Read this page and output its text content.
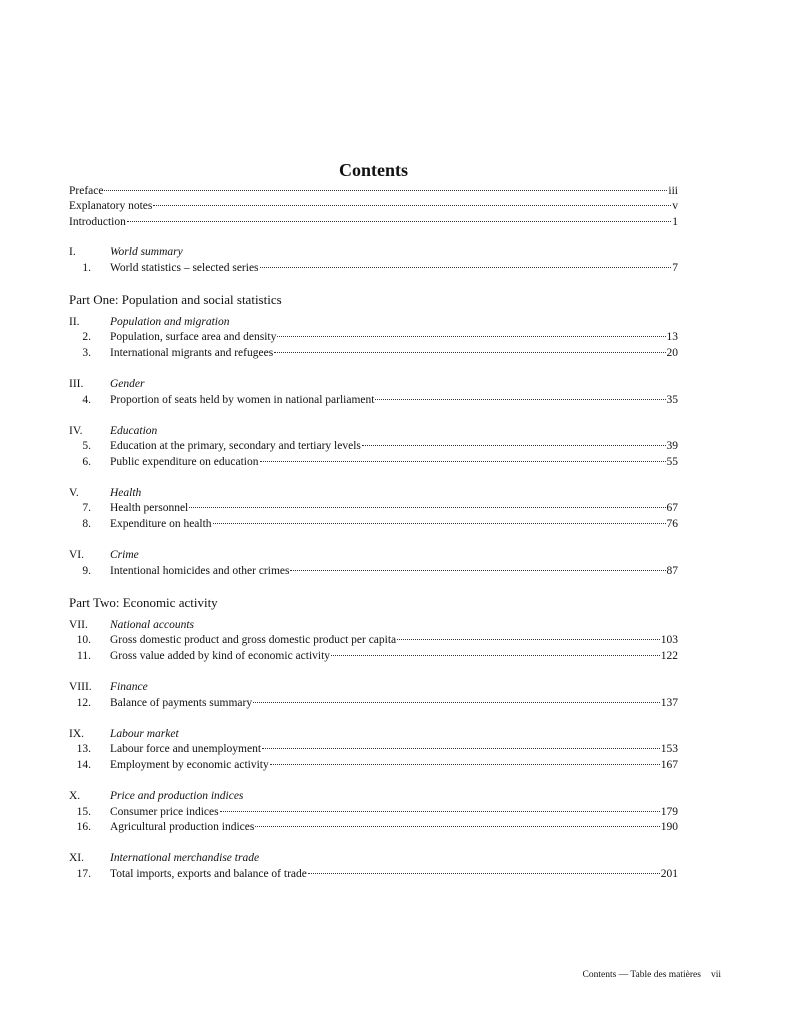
Contents
Preface	iii
Explanatory notes	v
Introduction	1
I.	World summary
1.	World statistics – selected series	7
Part One: Population and social statistics
II.	Population and migration
2.	Population, surface area and density	13
3.	International migrants and refugees	20
III.	Gender
4.	Proportion of seats held by women in national parliament	35
IV.	Education
5.	Education at the primary, secondary and tertiary levels	39
6.	Public expenditure on education	55
V.	Health
7.	Health personnel	67
8.	Expenditure on health	76
VI.	Crime
9.	Intentional homicides and other crimes	87
Part Two: Economic activity
VII.	National accounts
10.	Gross domestic product and gross domestic product per capita	103
11.	Gross value added by kind of economic activity	122
VIII.	Finance
12.	Balance of payments summary	137
IX.	Labour market
13.	Labour force and unemployment	153
14.	Employment by economic activity	167
X.	Price and production indices
15.	Consumer price indices	179
16.	Agricultural production indices	190
XI.	International merchandise trade
17.	Total imports, exports and balance of trade	201
Contents — Table des matières vii
